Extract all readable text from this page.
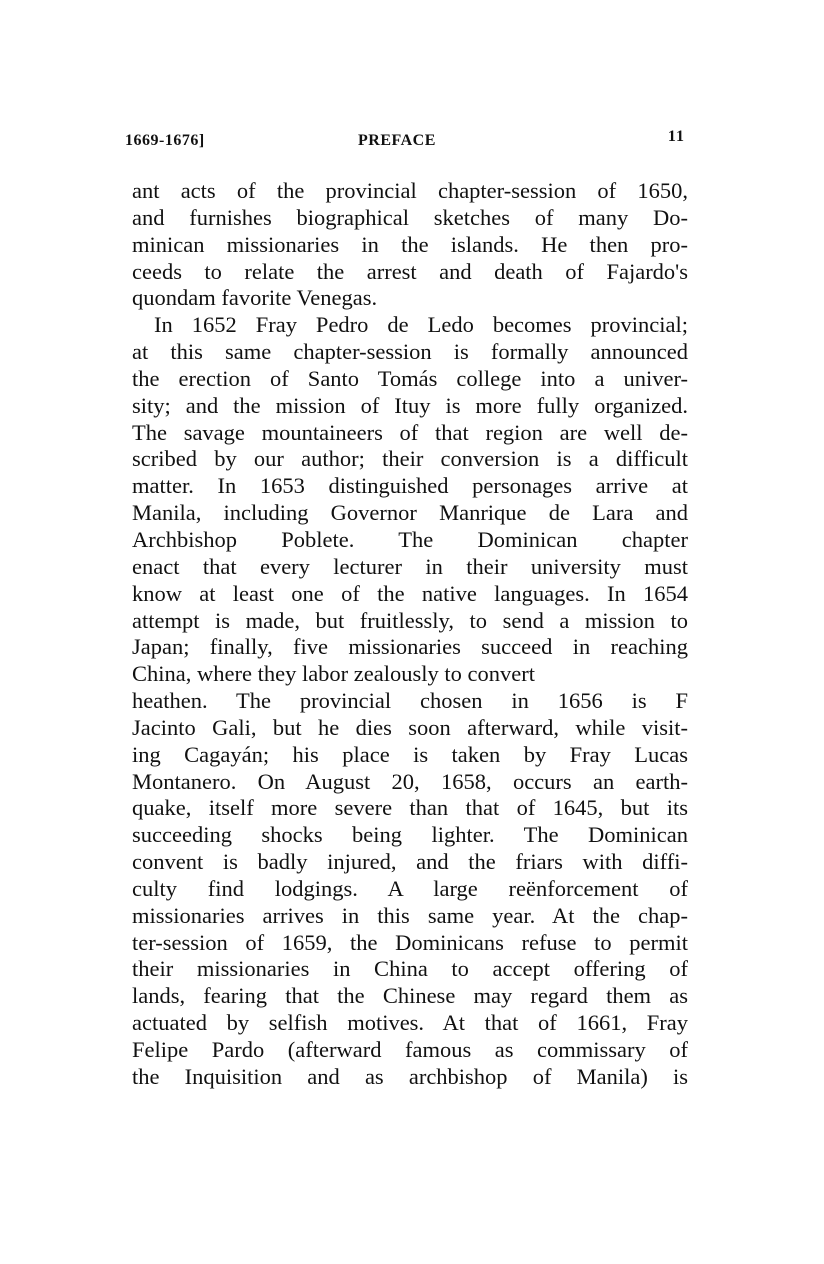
1669-1676]	PREFACE	11
ant acts of the provincial chapter-session of 1650,
and furnishes biographical sketches of many Do-
minican missionaries in the islands. He then pro-
ceeds to relate the arrest and death of Fajardo's
quondam favorite Venegas.
In 1652 Fray Pedro de Ledo becomes provincial;
at this same chapter-session is formally announced
the erection of Santo Tomás college into a univer-
sity; and the mission of Ituy is more fully organized.
The savage mountaineers of that region are well de-
scribed by our author; their conversion is a difficult
matter. In 1653 distinguished personages arrive at
Manila, including Governor Manrique de Lara and
Archbishop Poblete. The Dominican chapter
enact that every lecturer in their university must
know at least one of the native languages. In 1654
attempt is made, but fruitlessly, to send a mission to
Japan; finally, five missionaries succeed in reaching
China, where they labor zealously to convert
heathen. The provincial chosen in 1656 is F
Jacinto Gali, but he dies soon afterward, while visit-
ing Cagayán; his place is taken by Fray Lucas
Montanero. On August 20, 1658, occurs an earth-
quake, itself more severe than that of 1645, but its
succeeding shocks being lighter. The Dominican
convent is badly injured, and the friars with diffi-
culty find lodgings. A large reënforcement of
missionaries arrives in this same year. At the chap-
ter-session of 1659, the Dominicans refuse to permit
their missionaries in China to accept offering of
lands, fearing that the Chinese may regard them as
actuated by selfish motives. At that of 1661, Fray
Felipe Pardo (afterward famous as commissary of
the Inquisition and as archbishop of Manila) is
